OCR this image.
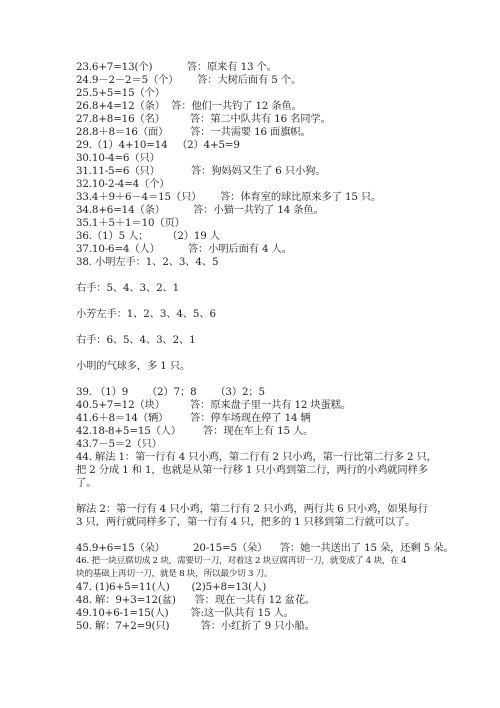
23.6+7=13(个)           答：原来有 13 个。
24.9－2－2＝5（个）      答：大树后面有 5 个。
25.5+5=15（个）
26.8+4=12（条）  答：他们一共钓了 12 条鱼。
27.8+8=16（名）        答：第二中队共有 16 名同学。
28.8＋8＝16（面）       答：一共需要 16 面旗帜。
29.（1）4+10=14   （2）4+5=9
30.10-4=6（只）
31.11-5=6（只）          答：狗妈妈又生了 6 只小狗。
32.10-2-4=4（个）
33.4＋9＋6－4＝15（只）      答：体育室的球比原来多了 15 只。
34.8+6=14（条）         答：小猫一共钓了 14 条鱼。
35.1＋5＋1＝10（页）
36.（1）5 人；      （2）19 人
37.10-6=4（人）         答：小明后面有 4 人。
38. 小明左手：1、2、3、4、5
右手：5、4、3、2、1
小芳左手：1、2、3、4、5、6
右手：6、5、4、3、2、1
小明的气球多，多 1 只。
39. （1）9      （2）7；8      （3）2；5
40.5+7=12（块）        答：原来盘子里一共有 12 块蛋糕。
41.6＋8＝14（辆）       答：停车场现在停了 14 辆
42.18-8+5=15（人）       答：现在车上有 15 人。
43.7－5＝2（只）
44. 解法 1：第一行有 4 只小鸡，第二行有 2 只小鸡，第一行比第二行多 2 只，
把 2 分成 1 和 1，也就是从第一行移 1 只小鸡到第二行，两行的小鸡就同样多
了。
解法 2：第一行有 4 只小鸡，第二行有 2 只小鸡，两行共 6 只小鸡，如果每行
3 只，两行就同样多了，第一行有 4 只，把多的 1 只移到第二行就可以了。
45.9+6=15（朵）         20-15=5（朵）    答：她一共送出了 15 朵，还剩 5 朵。
46. 把一块豆腐切成 2 块，需要切一刀，对着这 2 块豆腐再切一刀，就变成了 4 块，在 4
块的基础上再切一刀，就是 8 块，所以最少切 3 刀。
47. (1)6+5=11(人)       (2)5+8=13(人)
48. 解：9+3=12(盆)      答：现在一共有 12 盆花。
49.10+6-1=15(人)       答:这一队共有 15 人。
50. 解：7+2=9(只)          答：小红折了 9 只小船。
